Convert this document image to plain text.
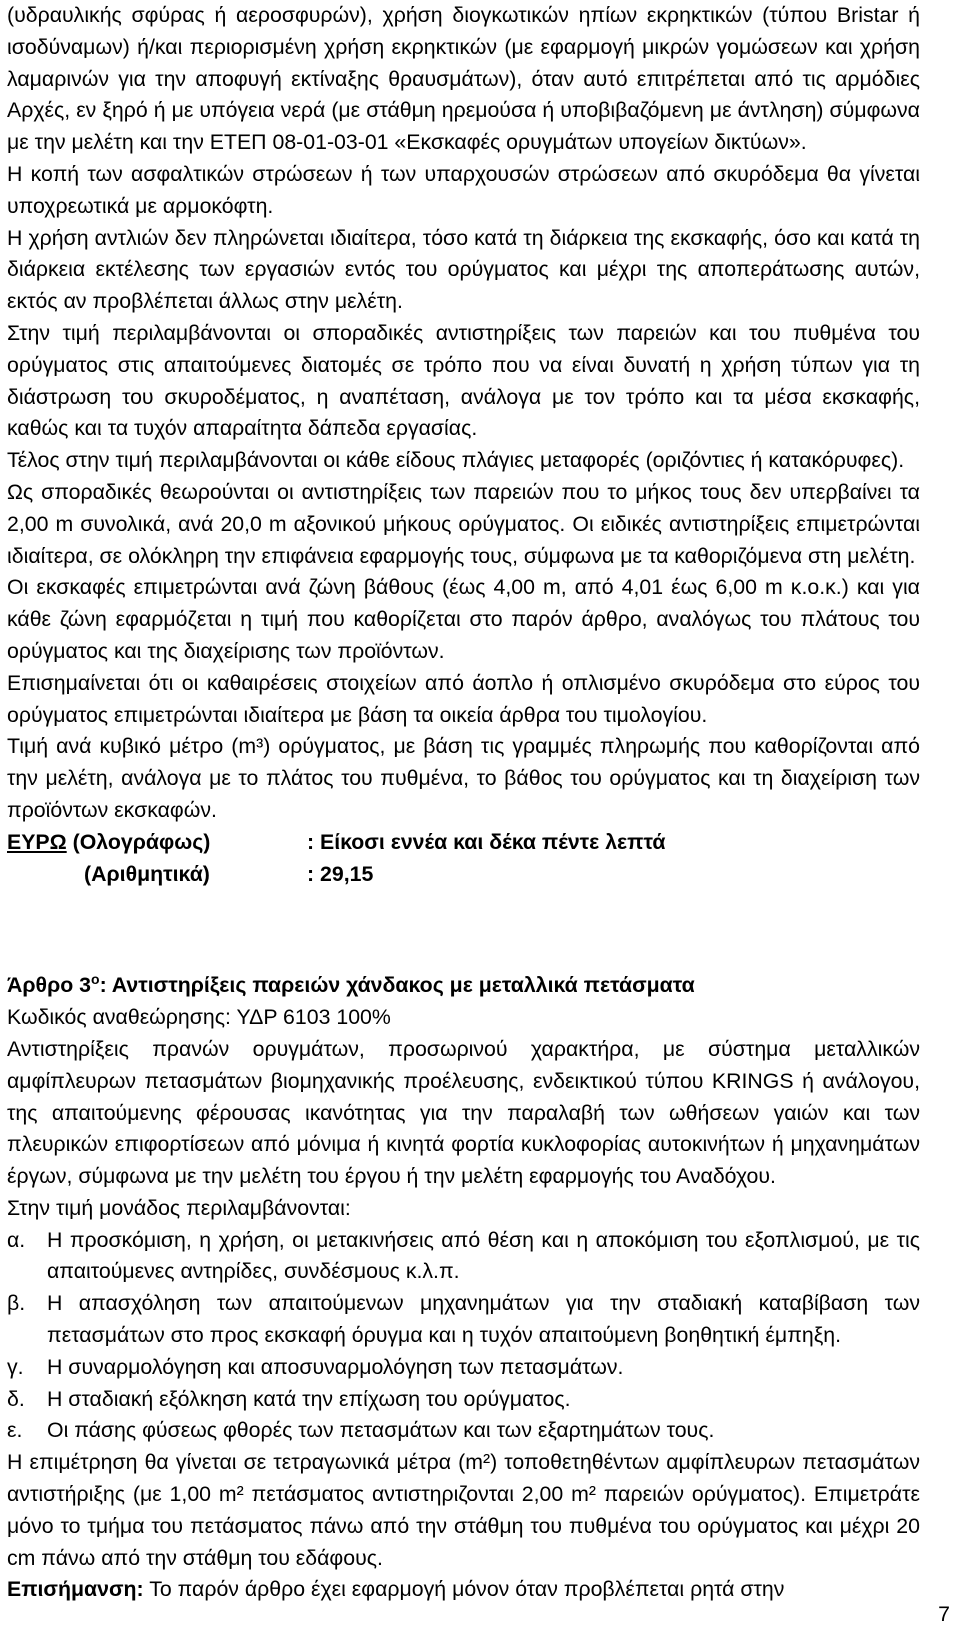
(υδραυλικής σφύρας ή αεροσφυρών), χρήση διογκωτικών ηπίων εκρηκτικών (τύπου Bristar ή ισοδύναμων) ή/και περιορισμένη χρήση εκρηκτικών (με εφαρμογή μικρών γομώσεων και χρήση λαμαρινών για την αποφυγή εκτίναξης θραυσμάτων), όταν αυτό επιτρέπεται από τις αρμόδιες Αρχές, εν ξηρό ή με υπόγεια νερά (με στάθμη ηρεμούσα ή υποβιβαζόμενη με άντληση) σύμφωνα με την μελέτη και την ΕΤΕΠ 08-01-03-01 «Εκσκαφές ορυγμάτων υπογείων δικτύων».

Η κοπή των ασφαλτικών στρώσεων ή των υπαρχουσών στρώσεων από σκυρόδεμα θα γίνεται υποχρεωτικά με αρμοκόφτη.

Η χρήση αντλιών δεν πληρώνεται ιδιαίτερα, τόσο κατά τη διάρκεια της εκσκαφής, όσο και κατά τη διάρκεια εκτέλεσης των εργασιών εντός του ορύγματος και μέχρι της αποπεράτωσης αυτών, εκτός αν προβλέπεται άλλως στην μελέτη.

Στην τιμή περιλαμβάνονται οι σποραδικές αντιστηρίξεις των παρειών και του πυθμένα του ορύγματος στις απαιτούμενες διατομές σε τρόπο που να είναι δυνατή η χρήση τύπων για τη διάστρωση του σκυροδέματος, η αναπέταση, ανάλογα με τον τρόπο και τα μέσα εκσκαφής, καθώς και τα τυχόν απαραίτητα δάπεδα εργασίας.

Τέλος στην τιμή περιλαμβάνονται οι κάθε είδους πλάγιες μεταφορές (οριζόντιες ή κατακόρυφες).

Ως σποραδικές θεωρούνται οι αντιστηρίξεις των παρειών που το μήκος τους δεν υπερβαίνει τα 2,00 m συνολικά, ανά 20,0 m αξονικού μήκους ορύγματος. Οι ειδικές αντιστηρίξεις επιμετρώνται ιδιαίτερα, σε ολόκληρη την επιφάνεια εφαρμογής τους, σύμφωνα με τα καθοριζόμενα στη μελέτη.

Οι εκσκαφές επιμετρώνται ανά ζώνη βάθους (έως 4,00 m, από 4,01 έως 6,00 m κ.ο.κ.) και για κάθε ζώνη εφαρμόζεται η τιμή που καθορίζεται στο παρόν άρθρο, αναλόγως του πλάτους του ορύγματος και της διαχείρισης των προϊόντων.

Επισημαίνεται ότι οι καθαιρέσεις στοιχείων από άοπλο ή οπλισμένο σκυρόδεμα στο εύρος του ορύγματος επιμετρώνται ιδιαίτερα με βάση τα οικεία άρθρα του τιμολογίου.

Τιμή ανά κυβικό μέτρο (m³) ορύγματος, με βάση τις γραμμές πληρωμής που καθορίζονται από την μελέτη, ανάλογα με το πλάτος του πυθμένα, το βάθος του ορύγματος και τη διαχείριση των προϊόντων εκσκαφών.

ΕΥΡΩ (Ολογράφως)	: Είκοσι εννέα και δέκα πέντε λεπτά

(Αριθμητικά)	: 29,15

Άρθρο $3^o$: Αντιστηρίξεις παρειών χάνδακος με μεταλλικά πετάσματα

Κωδικός αναθεώρησης: ΥΔΡ 6103 100%

Αντιστηρίξεις πρανών ορυγμάτων, προσωρινού χαρακτήρα, με σύστημα μεταλλικών αμφίπλευρων πετασμάτων βιομηχανικής προέλευσης, ενδεικτικού τύπου KRINGS ή ανάλογου, της απαιτούμενης φέρουσας ικανότητας για την παραλαβή των ωθήσεων γαιών και των πλευρικών επιφορτίσεων από μόνιμα ή κινητά φορτία κυκλοφορίας αυτοκινήτων ή μηχανημάτων έργων, σύμφωνα με την μελέτη του έργου ή την μελέτη εφαρμογής του Αναδόχου.

Στην τιμή μονάδος περιλαμβάνονται:

α.	Η προσκόμιση, η χρήση, οι μετακινήσεις από θέση και η αποκόμιση του εξοπλισμού, με τις απαιτούμενες αντηρίδες, συνδέσμους κ.λ.π.
β.	Η απασχόληση των απαιτούμενων μηχανημάτων για την σταδιακή καταβίβαση των πετασμάτων στο προς εκσκαφή όρυγμα και η τυχόν απαιτούμενη βοηθητική έμπηξη.
γ.	Η συναρμολόγηση και αποσυναρμολόγηση των πετασμάτων.
δ.	Η σταδιακή εξόλκηση κατά την επίχωση του ορύγματος.
ε.	Οι πάσης φύσεως φθορές των πετασμάτων και των εξαρτημάτων τους.

Η επιμέτρηση θα γίνεται σε τετραγωνικά μέτρα (m²) τοποθετηθέντων αμφίπλευρων πετασμάτων αντιστήριξης (με 1,00 m² πετάσματος αντιστηριζονται 2,00 m² παρειών ορύγματος). Επιμετράτε μόνο το τμήμα του πετάσματος πάνω από την στάθμη του πυθμένα του ορύγματος και μέχρι 20 cm πάνω από την στάθμη του εδάφους.

Επισήμανση: Το παρόν άρθρο έχει εφαρμογή μόνον όταν προβλέπεται ρητά στην

7
